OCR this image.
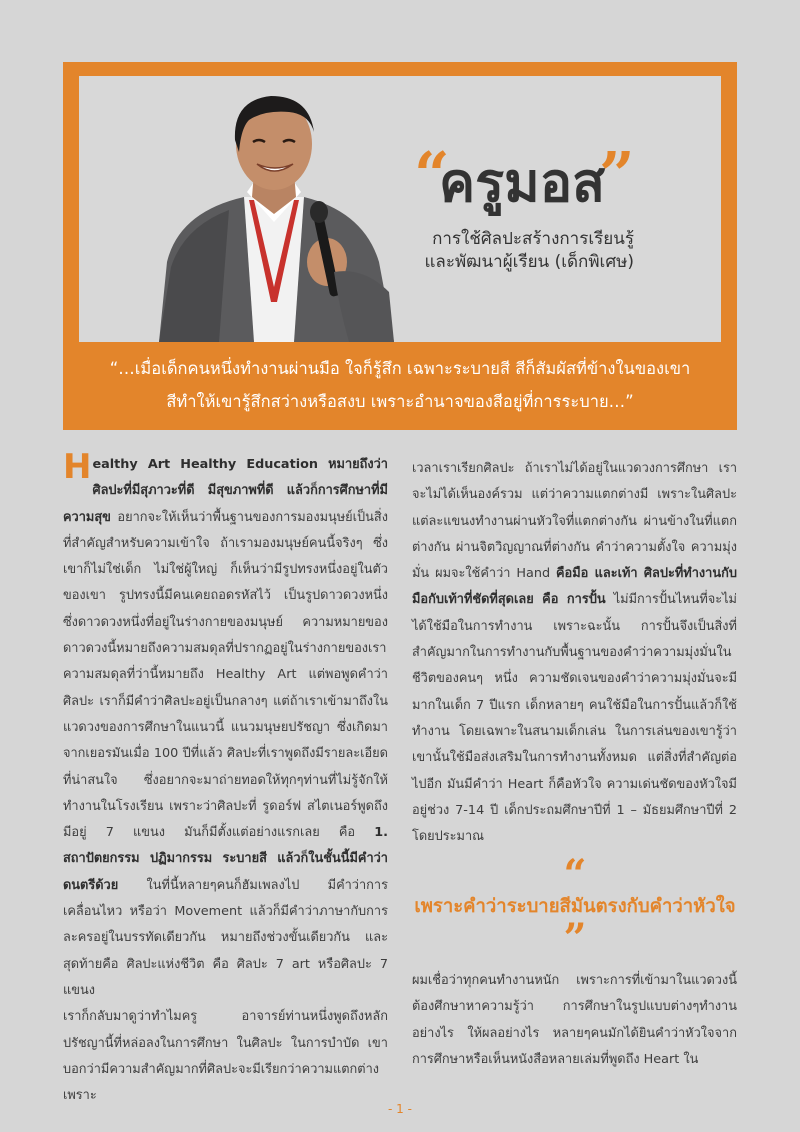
“
ครูมอส
”
การใช้ศิลปะสร้างการเรียนรู้
และพัฒนาผู้เรียน (เด็กพิเศษ)
“…เมื่อเด็กคนหนึ่งทำงานผ่านมือ ใจก็รู้สึก เฉพาะระบายสี สีก็สัมผัสที่ข้างในของเขา
สีทำให้เขารู้สึกสว่างหรือสงบ เพราะอำนาจของสีอยู่ที่การระบาย…”

Healthy Art Healthy Education หมายถึงว่าศิลปะที่มีสุภาวะที่ดี มีสุขภาพที่ดี แล้วก็การศึกษาที่มีความสุข อยากจะให้เห็นว่าพื้นฐานของการมองมนุษย์เป็นสิ่งที่สำคัญสำหรับความเข้าใจ ถ้าเรามองมนุษย์คนนี้จริงๆ ซึ่งเขาก็ไม่ใช่เด็ก ไม่ใช่ผู้ใหญ่ ก็เห็นว่ามีรูปทรงหนึ่งอยู่ในตัวของเขา รูปทรงนี้มีคนเคยถอดรหัสไว้ เป็นรูปดาวดวงหนึ่ง ซึ่งดาวดวงหนึ่งที่อยู่ในร่างกายของมนุษย์ ความหมายของดาวดวงนี้หมายถึงความสมดุลที่ปรากฏอยู่ในร่างกายของเรา ความสมดุลที่ว่านี้หมายถึง Healthy Art แต่พอพูดคำว่าศิลปะ เราก็มีคำว่าศิลปะอยู่เป็นกลางๆ แต่ถ้าเราเข้ามาถึงในแวดวงของการศึกษาในแนวนี้ แนวมนุษยปรัชญา ซึ่งเกิดมาจากเยอรมันเมื่อ 100 ปีที่แล้ว ศิลปะที่เราพูดถึงมีรายละเอียดที่น่าสนใจ ซึ่งอยากจะมาถ่ายทอดให้ทุกๆท่านที่ไม่รู้จักให้ทำงานในโรงเรียน เพราะว่าศิลปะที่ รูดอร์ฟ สไตเนอร์พูดถึง มีอยู่ 7 แขนง มันก็มีตั้งแต่อย่างแรกเลย คือ 1. สถาปัตยกรรม ปฏิมากรรม ระบายสี แล้วก็ในชั้นนี้มีคำว่าดนตรีด้วย ในที่นี้หลายๆคนก็ฮัมเพลงไป มีคำว่าการเคลื่อนไหว หรือว่า Movement แล้วก็มีคำว่าภาษากับการละครอยู่ในบรรทัดเดียวกัน หมายถึงช่วงขั้นเดียวกัน และสุดท้ายคือ ศิลปะแห่งชีวิต คือ ศิลปะ 7 art หรือศิลปะ 7 แขนง

เราก็กลับมาดูว่าทำไมครู อาจารย์ท่านหนึ่งพูดถึงหลักปรัชญานี้ที่หล่อลงในการศึกษา ในศิลปะ ในการบำบัด เขาบอกว่ามีความสำคัญมากที่ศิลปะจะมีเรียกว่าความแตกต่าง เพราะ

เวลาเราเรียกศิลปะ ถ้าเราไม่ได้อยู่ในแวดวงการศึกษา เราจะไม่ได้เห็นองค์รวม แต่ว่าความแตกต่างมี เพราะในศิลปะแต่ละแขนงทำงานผ่านหัวใจที่แตกต่างกัน ผ่านข้างในที่แตกต่างกัน ผ่านจิตวิญญาณที่ต่างกัน คำว่าความตั้งใจ ความมุ่งมั่น ผมจะใช้คำว่า Hand คือมือ และเท้า ศิลปะที่ทำงานกับมือกับเท้าที่ชัดที่สุดเลย คือ การปั้น ไม่มีการปั้นไหนที่จะไม่ได้ใช้มือในการทำงาน เพราะฉะนั้น การปั้นจึงเป็นสิ่งที่สำคัญมากในการทำงานกับพื้นฐานของคำว่าความมุ่งมั่นในชีวิตของคนๆ หนึ่ง ความชัดเจนของคำว่าความมุ่งมั่นจะมีมากในเด็ก 7 ปีแรก เด็กหลายๆ คนใช้มือในการปั้นแล้วก็ใช้ทำงาน โดยเฉพาะในสนามเด็กเล่น ในการเล่นของเขารู้ว่าเขานั้นใช้มือส่งเสริมในการทำงานทั้งหมด แต่สิ่งที่สำคัญต่อไปอีก มันมีคำว่า Heart ก็คือหัวใจ ความเด่นชัดของหัวใจมีอยู่ช่วง 7-14 ปี เด็กประถมศึกษาปีที่ 1 – มัธยมศึกษาปีที่ 2 โดยประมาณ

“
เพราะคำว่าระบายสีมันตรงกับคำว่าหัวใจ
”

ผมเชื่อว่าทุกคนทำงานหนัก เพราะการที่เข้ามาในแวดวงนี้ต้องศึกษาหาความรู้ว่า การศึกษาในรูปแบบต่างๆทำงานอย่างไร ให้ผลอย่างไร หลายๆคนมักได้ยินคำว่าหัวใจจาก การศึกษาหรือเห็นหนังสือหลายเล่มที่พูดถึง Heart ใน

- 1 -
